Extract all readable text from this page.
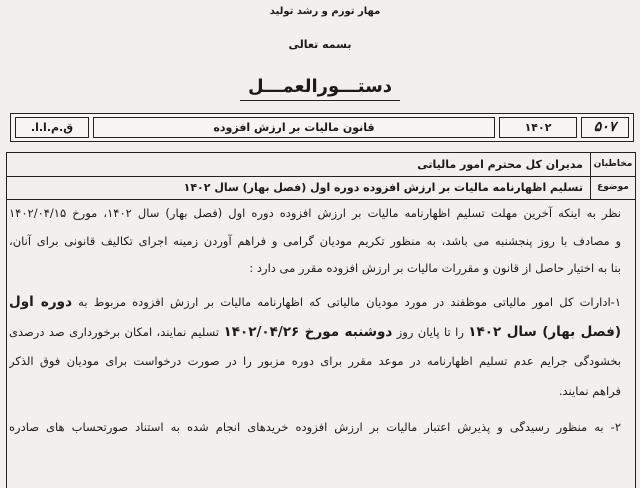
مهار تورم و رشد تولید
بسمه تعالی
دستـــورالعمـــل
ق.م.ا.ا.	قانون مالیات بر ارزش افزوده	۱۴۰۲	۵۰۷
مخاطبان
مدیران کل محترم امور مالیاتی
موضوع
تسلیم اظهارنامه مالیات بر ارزش افزوده دوره اول (فصل بهار) سال ۱۴۰۲
نظر به اینکه آخرین مهلت تسلیم اظهارنامه مالیات بر ارزش افزوده دوره اول (فصل بهار) سال ۱۴۰۲، مورخ ۱۴۰۲/۰۴/۱۵
و مصادف با روز پنجشنبه می باشد، به منظور تکریم مودیان گرامی و فراهم آوردن زمینه اجرای تکالیف قانونی برای آنان،
بنا به اختیار حاصل از قانون و مقررات مالیات بر ارزش افزوده مقرر می دارد :
۱-ادارات کل امور مالیاتی موظفند در مورد مودیان مالیاتی که اظهارنامه مالیات بر ارزش افزوده مربوط به دوره اول
(فصل بهار) سال ۱۴۰۲ را تا پایان روز دوشنبه مورخ ۱۴۰۲/۰۴/۲۶ تسلیم نمایند، امکان برخورداری صد درصدی
بخشودگی جرایم عدم تسلیم اظهارنامه در موعد مقرر برای دوره مزبور را در صورت درخواست برای مودیان فوق الذکر
فراهم نمایند.
۲- به منظور رسیدگی و پذیرش اعتبار مالیات بر ارزش افزوده خریدهای انجام شده به استناد صورتحساب های صادره
